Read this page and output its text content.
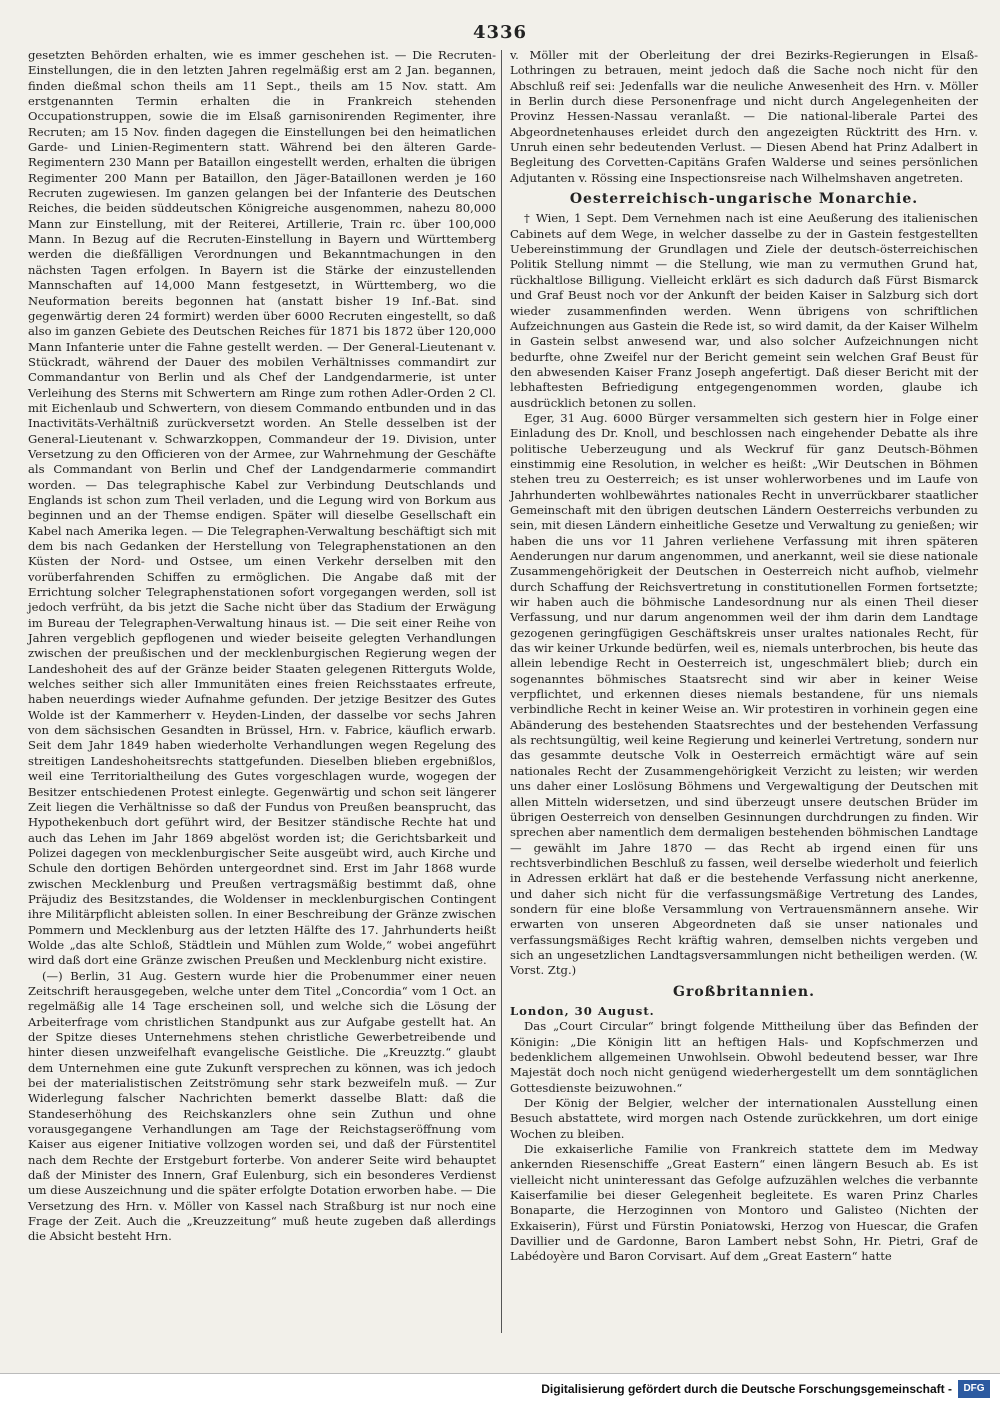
4336

gesetzten Behörden erhalten, wie es immer geschehen ist. — Die Recruten-Einstellungen, die in den letzten Jahren regelmäßig erst am 2 Jan. begannen, finden dießmal schon theils am 11 Sept., theils am 15 Nov. statt. Am erstgenannten Termin erhalten die in Frankreich stehenden Occupationstruppen, sowie die im Elsaß garnisonirenden Regimenter, ihre Recruten; am 15 Nov. finden dagegen die Einstellungen bei den heimatlichen Garde- und Linien-Regimentern statt. Während bei den älteren Garde-Regimentern 230 Mann per Bataillon eingestellt werden, erhalten die übrigen Regimenter 200 Mann per Bataillon, den Jäger-Bataillonen werden je 160 Recruten zugewiesen. Im ganzen gelangen bei der Infanterie des Deutschen Reiches, die beiden süddeutschen Königreiche ausgenommen, nahezu 80,000 Mann zur Einstellung, mit der Reiterei, Artillerie, Train rc. über 100,000 Mann. In Bezug auf die Recruten-Einstellung in Bayern und Württemberg werden die dießfälligen Verordnungen und Bekanntmachungen in den nächsten Tagen erfolgen. In Bayern ist die Stärke der einzustellenden Mannschaften auf 14,000 Mann festgesetzt, in Württemberg, wo die Neuformation bereits begonnen hat (anstatt bisher 19 Inf.-Bat. sind gegenwärtig deren 24 formirt) werden über 6000 Recruten eingestellt, so daß also im ganzen Gebiete des Deutschen Reiches für 1871 bis 1872 über 120,000 Mann Infanterie unter die Fahne gestellt werden. — Der General-Lieutenant v. Stückradt, während der Dauer des mobilen Verhältnisses commandirt zur Commandantur von Berlin und als Chef der Landgendarmerie, ist unter Verleihung des Sterns mit Schwertern am Ringe zum rothen Adler-Orden 2 Cl. mit Eichenlaub und Schwertern, von diesem Commando entbunden und in das Inactivitäts-Verhältniß zurückversetzt worden. An Stelle desselben ist der General-Lieutenant v. Schwarzkoppen, Commandeur der 19. Division, unter Versetzung zu den Officieren von der Armee, zur Wahrnehmung der Geschäfte als Commandant von Berlin und Chef der Landgendarmerie commandirt worden. — Das telegraphische Kabel zur Verbindung Deutschlands und Englands ist schon zum Theil verladen, und die Legung wird von Borkum aus beginnen und an der Themse endigen. Später will dieselbe Gesellschaft ein Kabel nach Amerika legen. — Die Telegraphen-Verwaltung beschäftigt sich mit dem bis nach Gedanken der Herstellung von Telegraphenstationen an den Küsten der Nord- und Ostsee, um einen Verkehr derselben mit den vorüberfahrenden Schiffen zu ermöglichen. Die Angabe daß mit der Errichtung solcher Telegraphenstationen sofort vorgegangen werden, soll ist jedoch verfrüht, da bis jetzt die Sache nicht über das Stadium der Erwägung im Bureau der Telegraphen-Verwaltung hinaus ist. — Die seit einer Reihe von Jahren vergeblich gepflogenen und wieder beiseite gelegten Verhandlungen zwischen der preußischen und der mecklenburgischen Regierung wegen der Landeshoheit des auf der Gränze beider Staaten gelegenen Ritterguts Wolde, welches seither sich aller Immunitäten eines freien Reichsstaates erfreute, haben neuerdings wieder Aufnahme gefunden. Der jetzige Besitzer des Gutes Wolde ist der Kammerherr v. Heyden-Linden, der dasselbe vor sechs Jahren von dem sächsischen Gesandten in Brüssel, Hrn. v. Fabrice, käuflich erwarb. Seit dem Jahr 1849 haben wiederholte Verhandlungen wegen Regelung des streitigen Landeshoheitsrechts stattgefunden. Dieselben blieben ergebnißlos, weil eine Territorialtheilung des Gutes vorgeschlagen wurde, wogegen der Besitzer entschiedenen Protest einlegte. Gegenwärtig und schon seit längerer Zeit liegen die Verhältnisse so daß der Fundus von Preußen beansprucht, das Hypothekenbuch dort geführt wird, der Besitzer ständische Rechte hat und auch das Lehen im Jahr 1869 abgelöst worden ist; die Gerichtsbarkeit und Polizei dagegen von mecklenburgischer Seite ausgeübt wird, auch Kirche und Schule den dortigen Behörden untergeordnet sind. Erst im Jahr 1868 wurde zwischen Mecklenburg und Preußen vertragsmäßig bestimmt daß, ohne Präjudiz des Besitzstandes, die Woldenser in mecklenburgischen Contingent ihre Militärpflicht ableisten sollen. In einer Beschreibung der Gränze zwischen Pommern und Mecklenburg aus der letzten Hälfte des 17. Jahrhunderts heißt Wolde „das alte Schloß, Städtlein und Mühlen zum Wolde,“ wobei angeführt wird daß dort eine Gränze zwischen Preußen und Mecklenburg nicht existire.

(—) Berlin, 31 Aug. Gestern wurde hier die Probenummer einer neuen Zeitschrift herausgegeben, welche unter dem Titel „Concordia“ vom 1 Oct. an regelmäßig alle 14 Tage erscheinen soll, und welche sich die Lösung der Arbeiterfrage vom christlichen Standpunkt aus zur Aufgabe gestellt hat. An der Spitze dieses Unternehmens stehen christliche Gewerbetreibende und hinter diesen unzweifelhaft evangelische Geistliche. Die „Kreuzztg.“ glaubt dem Unternehmen eine gute Zukunft versprechen zu können, was ich jedoch bei der materialistischen Zeitströmung sehr stark bezweifeln muß. — Zur Widerlegung falscher Nachrichten bemerkt dasselbe Blatt: daß die Standeserhöhung des Reichskanzlers ohne sein Zuthun und ohne vorausgegangene Verhandlungen am Tage der Reichstagseröffnung vom Kaiser aus eigener Initiative vollzogen worden sei, und daß der Fürstentitel nach dem Rechte der Erstgeburt forterbe. Von anderer Seite wird behauptet daß der Minister des Innern, Graf Eulenburg, sich ein besonderes Verdienst um diese Auszeichnung und die später erfolgte Dotation erworben habe. — Die Versetzung des Hrn. v. Möller von Kassel nach Straßburg ist nur noch eine Frage der Zeit. Auch die „Kreuzzeitung“ muß heute zugeben daß allerdings die Absicht besteht Hrn.

v. Möller mit der Oberleitung der drei Bezirks-Regierungen in Elsaß-Lothringen zu betrauen, meint jedoch daß die Sache noch nicht für den Abschluß reif sei: Jedenfalls war die neuliche Anwesenheit des Hrn. v. Möller in Berlin durch diese Personenfrage und nicht durch Angelegenheiten der Provinz Hessen-Nassau veranlaßt. — Die national-liberale Partei des Abgeordnetenhauses erleidet durch den angezeigten Rücktritt des Hrn. v. Unruh einen sehr bedeutenden Verlust. — Diesen Abend hat Prinz Adalbert in Begleitung des Corvetten-Capitäns Grafen Walderse und seines persönlichen Adjutanten v. Rössing eine Inspectionsreise nach Wilhelmshaven angetreten.

Oesterreichisch-ungarische Monarchie.

† Wien, 1 Sept. Dem Vernehmen nach ist eine Aeußerung des italienischen Cabinets auf dem Wege, in welcher dasselbe zu der in Gastein festgestellten Uebereinstimmung der Grundlagen und Ziele der deutsch-österreichischen Politik Stellung nimmt — die Stellung, wie man zu vermuthen Grund hat, rückhaltlose Billigung. Vielleicht erklärt es sich dadurch daß Fürst Bismarck und Graf Beust noch vor der Ankunft der beiden Kaiser in Salzburg sich dort wieder zusammenfinden werden. Wenn übrigens von schriftlichen Aufzeichnungen aus Gastein die Rede ist, so wird damit, da der Kaiser Wilhelm in Gastein selbst anwesend war, und also solcher Aufzeichnungen nicht bedurfte, ohne Zweifel nur der Bericht gemeint sein welchen Graf Beust für den abwesenden Kaiser Franz Joseph angefertigt. Daß dieser Bericht mit der lebhaftesten Befriedigung entgegengenommen worden, glaube ich ausdrücklich betonen zu sollen.

Eger, 31 Aug. 6000 Bürger versammelten sich gestern hier in Folge einer Einladung des Dr. Knoll, und beschlossen nach eingehender Debatte als ihre politische Ueberzeugung und als Weckruf für ganz Deutsch-Böhmen einstimmig eine Resolution, in welcher es heißt: „Wir Deutschen in Böhmen stehen treu zu Oesterreich; es ist unser wohlerworbenes und im Laufe von Jahrhunderten wohlbewährtes nationales Recht in unverrückbarer staatlicher Gemeinschaft mit den übrigen deutschen Ländern Oesterreichs verbunden zu sein, mit diesen Ländern einheitliche Gesetze und Verwaltung zu genießen; wir haben die uns vor 11 Jahren verliehene Verfassung mit ihren späteren Aenderungen nur darum angenommen, und anerkannt, weil sie diese nationale Zusammengehörigkeit der Deutschen in Oesterreich nicht aufhob, vielmehr durch Schaffung der Reichsvertretung in constitutionellen Formen fortsetzte; wir haben auch die böhmische Landesordnung nur als einen Theil dieser Verfassung, und nur darum angenommen weil der ihm darin dem Landtage gezogenen geringfügigen Geschäftskreis unser uraltes nationales Recht, für das wir keiner Urkunde bedürfen, weil es, niemals unterbrochen, bis heute das allein lebendige Recht in Oesterreich ist, ungeschmälert blieb; durch ein sogenanntes böhmisches Staatsrecht sind wir aber in keiner Weise verpflichtet, und erkennen dieses niemals bestandene, für uns niemals verbindliche Recht in keiner Weise an. Wir protestiren in vorhinein gegen eine Abänderung des bestehenden Staatsrechtes und der bestehenden Verfassung als rechtsungültig, weil keine Regierung und keinerlei Vertretung, sondern nur das gesammte deutsche Volk in Oesterreich ermächtigt wäre auf sein nationales Recht der Zusammengehörigkeit Verzicht zu leisten; wir werden uns daher einer Loslösung Böhmens und Vergewaltigung der Deutschen mit allen Mitteln widersetzen, und sind überzeugt unsere deutschen Brüder im übrigen Oesterreich von denselben Gesinnungen durchdrungen zu finden. Wir sprechen aber namentlich dem dermaligen bestehenden böhmischen Landtage — gewählt im Jahre 1870 — das Recht ab irgend einen für uns rechtsverbindlichen Beschluß zu fassen, weil derselbe wiederholt und feierlich in Adressen erklärt hat daß er die bestehende Verfassung nicht anerkenne, und daher sich nicht für die verfassungsmäßige Vertretung des Landes, sondern für eine bloße Versammlung von Vertrauensmännern ansehe. Wir erwarten von unseren Abgeordneten daß sie unser nationales und verfassungsmäßiges Recht kräftig wahren, demselben nichts vergeben und sich an ungesetzlichen Landtagsversammlungen nicht betheiligen werden. (W. Vorst. Ztg.)

Großbritannien.
London, 30 August.

Das „Court Circular“ bringt folgende Mittheilung über das Befinden der Königin: „Die Königin litt an heftigen Hals- und Kopfschmerzen und bedenklichem allgemeinen Unwohlsein. Obwohl bedeutend besser, war Ihre Majestät doch noch nicht genügend wiederhergestellt um dem sonntäglichen Gottesdienste beizuwohnen.“

Der König der Belgier, welcher der internationalen Ausstellung einen Besuch abstattete, wird morgen nach Ostende zurückkehren, um dort einige Wochen zu bleiben.

Die exkaiserliche Familie von Frankreich stattete dem im Medway ankernden Riesenschiffe „Great Eastern“ einen längern Besuch ab. Es ist vielleicht nicht uninteressant das Gefolge aufzuzählen welches die verbannte Kaiserfamilie bei dieser Gelegenheit begleitete. Es waren Prinz Charles Bonaparte, die Herzoginnen von Montoro und Galisteo (Nichten der Exkaiserin), Fürst und Fürstin Poniatowski, Herzog von Huescar, die Grafen Davillier und de Gardonne, Baron Lambert nebst Sohn, Hr. Pietri, Graf de Labédoyère und Baron Corvisart. Auf dem „Great Eastern“ hatte

Digitalisierung gefördert durch die Deutsche Forschungsgemeinschaft -	DFG
